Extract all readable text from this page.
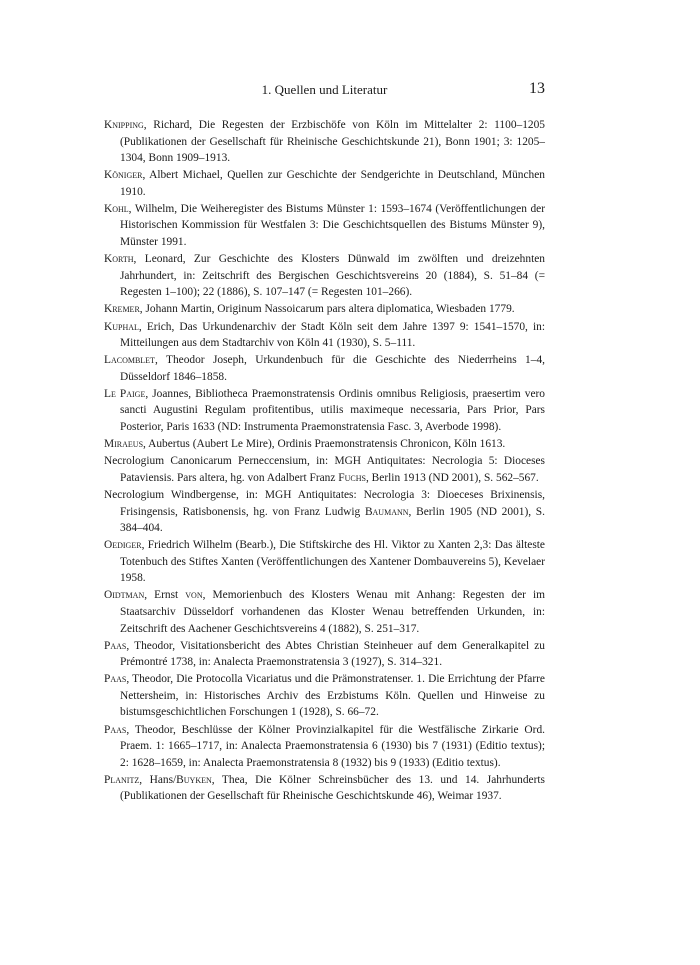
1. Quellen und Literatur	13

Knipping, Richard, Die Regesten der Erzbischöfe von Köln im Mittelalter 2: 1100–1205 (Publikationen der Gesellschaft für Rheinische Geschichtskunde 21), Bonn 1901; 3: 1205–1304, Bonn 1909–1913.

Königer, Albert Michael, Quellen zur Geschichte der Sendgerichte in Deutschland, München 1910.

Kohl, Wilhelm, Die Weiheregister des Bistums Münster 1: 1593–1674 (Veröffentlichungen der Historischen Kommission für Westfalen 3: Die Geschichtsquellen des Bistums Münster 9), Münster 1991.

Korth, Leonard, Zur Geschichte des Klosters Dünwald im zwölften und dreizehnten Jahrhundert, in: Zeitschrift des Bergischen Geschichtsvereins 20 (1884), S. 51–84 (= Regesten 1–100); 22 (1886), S. 107–147 (= Regesten 101–266).

Kremer, Johann Martin, Originum Nassoicarum pars altera diplomatica, Wiesbaden 1779.

Kuphal, Erich, Das Urkundenarchiv der Stadt Köln seit dem Jahre 1397 9: 1541–1570, in: Mitteilungen aus dem Stadtarchiv von Köln 41 (1930), S. 5–111.

Lacomblet, Theodor Joseph, Urkundenbuch für die Geschichte des Niederrheins 1–4, Düsseldorf 1846–1858.

Le Paige, Joannes, Bibliotheca Praemonstratensis Ordinis omnibus Religiosis, praesertim vero sancti Augustini Regulam profitentibus, utilis maximeque necessaria, Pars Prior, Pars Posterior, Paris 1633 (ND: Instrumenta Praemonstratensia Fasc. 3, Averbode 1998).

Miraeus, Aubertus (Aubert Le Mire), Ordinis Praemonstratensis Chronicon, Köln 1613.

Necrologium Canonicarum Perneccensium, in: MGH Antiquitates: Necrologia 5: Dioceses Pataviensis. Pars altera, hg. von Adalbert Franz Fuchs, Berlin 1913 (ND 2001), S. 562–567.

Necrologium Windbergense, in: MGH Antiquitates: Necrologia 3: Dioeceses Brixinensis, Frisingensis, Ratisbonensis, hg. von Franz Ludwig Baumann, Berlin 1905 (ND 2001), S. 384–404.

Oediger, Friedrich Wilhelm (Bearb.), Die Stiftskirche des Hl. Viktor zu Xanten 2,3: Das älteste Totenbuch des Stiftes Xanten (Veröffentlichungen des Xantener Dombauvereins 5), Kevelaer 1958.

Oidtman, Ernst von, Memorienbuch des Klosters Wenau mit Anhang: Regesten der im Staatsarchiv Düsseldorf vorhandenen das Kloster Wenau betreffenden Urkunden, in: Zeitschrift des Aachener Geschichtsvereins 4 (1882), S. 251–317.

Paas, Theodor, Visitationsbericht des Abtes Christian Steinheuer auf dem Generalkapitel zu Prémontré 1738, in: Analecta Praemonstratensia 3 (1927), S. 314–321.

Paas, Theodor, Die Protocolla Vicariatus und die Prämonstratenser. 1. Die Errichtung der Pfarre Nettersheim, in: Historisches Archiv des Erzbistums Köln. Quellen und Hinweise zu bistumsgeschichtlichen Forschungen 1 (1928), S. 66–72.

Paas, Theodor, Beschlüsse der Kölner Provinzialkapitel für die Westfälische Zirkarie Ord. Praem. 1: 1665–1717, in: Analecta Praemonstratensia 6 (1930) bis 7 (1931) (Editio textus); 2: 1628–1659, in: Analecta Praemonstratensia 8 (1932) bis 9 (1933) (Editio textus).

Planitz, Hans/Buyken, Thea, Die Kölner Schreinsbücher des 13. und 14. Jahrhunderts (Publikationen der Gesellschaft für Rheinische Geschichtskunde 46), Weimar 1937.
